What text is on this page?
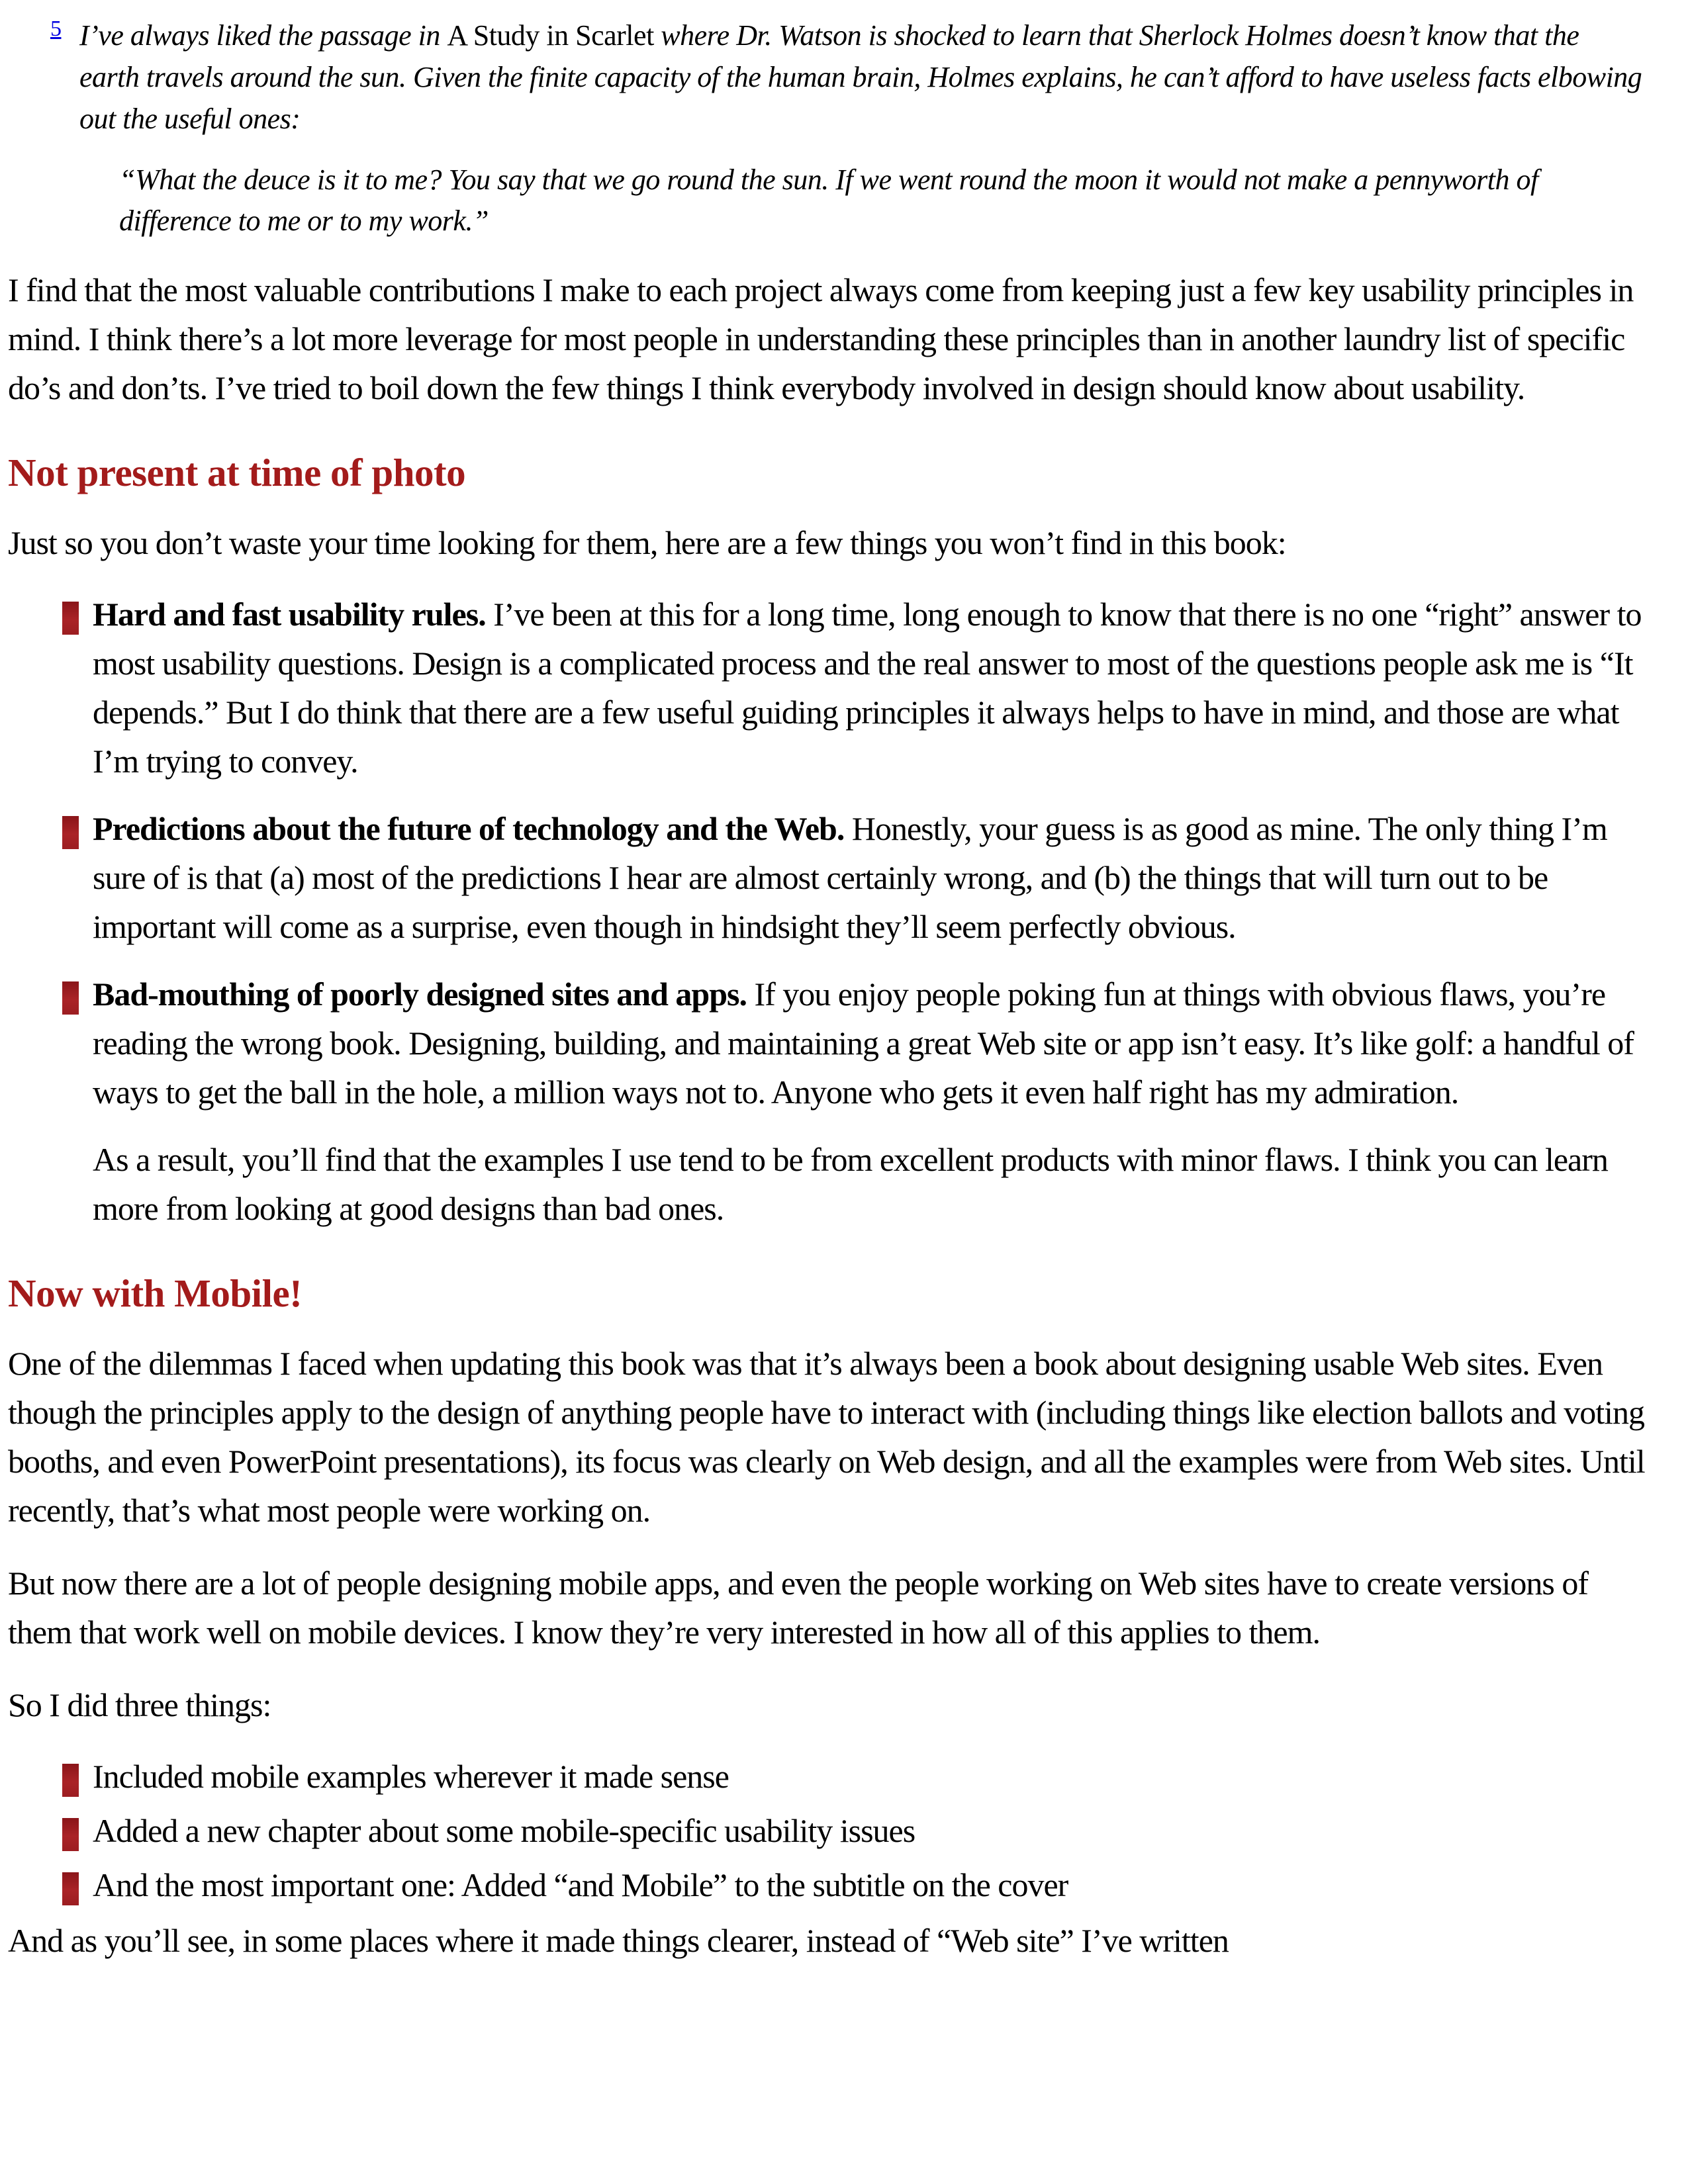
5 I’ve always liked the passage in A Study in Scarlet where Dr. Watson is shocked to learn that Sherlock Holmes doesn’t know that the earth travels around the sun. Given the finite capacity of the human brain, Holmes explains, he can’t afford to have useless facts elbowing out the useful ones:
“What the deuce is it to me? You say that we go round the sun. If we went round the moon it would not make a pennyworth of difference to me or to my work.”
I find that the most valuable contributions I make to each project always come from keeping just a few key usability principles in mind. I think there’s a lot more leverage for most people in understanding these principles than in another laundry list of specific do’s and don’ts. I’ve tried to boil down the few things I think everybody involved in design should know about usability.
Not present at time of photo
Just so you don’t waste your time looking for them, here are a few things you won’t find in this book:
Hard and fast usability rules. I’ve been at this for a long time, long enough to know that there is no one “right” answer to most usability questions. Design is a complicated process and the real answer to most of the questions people ask me is “It depends.” But I do think that there are a few useful guiding principles it always helps to have in mind, and those are what I’m trying to convey.
Predictions about the future of technology and the Web. Honestly, your guess is as good as mine. The only thing I’m sure of is that (a) most of the predictions I hear are almost certainly wrong, and (b) the things that will turn out to be important will come as a surprise, even though in hindsight they’ll seem perfectly obvious.
Bad-mouthing of poorly designed sites and apps. If you enjoy people poking fun at things with obvious flaws, you’re reading the wrong book. Designing, building, and maintaining a great Web site or app isn’t easy. It’s like golf: a handful of ways to get the ball in the hole, a million ways not to. Anyone who gets it even half right has my admiration.
As a result, you’ll find that the examples I use tend to be from excellent products with minor flaws. I think you can learn more from looking at good designs than bad ones.
Now with Mobile!
One of the dilemmas I faced when updating this book was that it’s always been a book about designing usable Web sites. Even though the principles apply to the design of anything people have to interact with (including things like election ballots and voting booths, and even PowerPoint presentations), its focus was clearly on Web design, and all the examples were from Web sites. Until recently, that’s what most people were working on.
But now there are a lot of people designing mobile apps, and even the people working on Web sites have to create versions of them that work well on mobile devices. I know they’re very interested in how all of this applies to them.
So I did three things:
Included mobile examples wherever it made sense
Added a new chapter about some mobile-specific usability issues
And the most important one: Added “and Mobile” to the subtitle on the cover
And as you’ll see, in some places where it made things clearer, instead of “Web site” I’ve written
